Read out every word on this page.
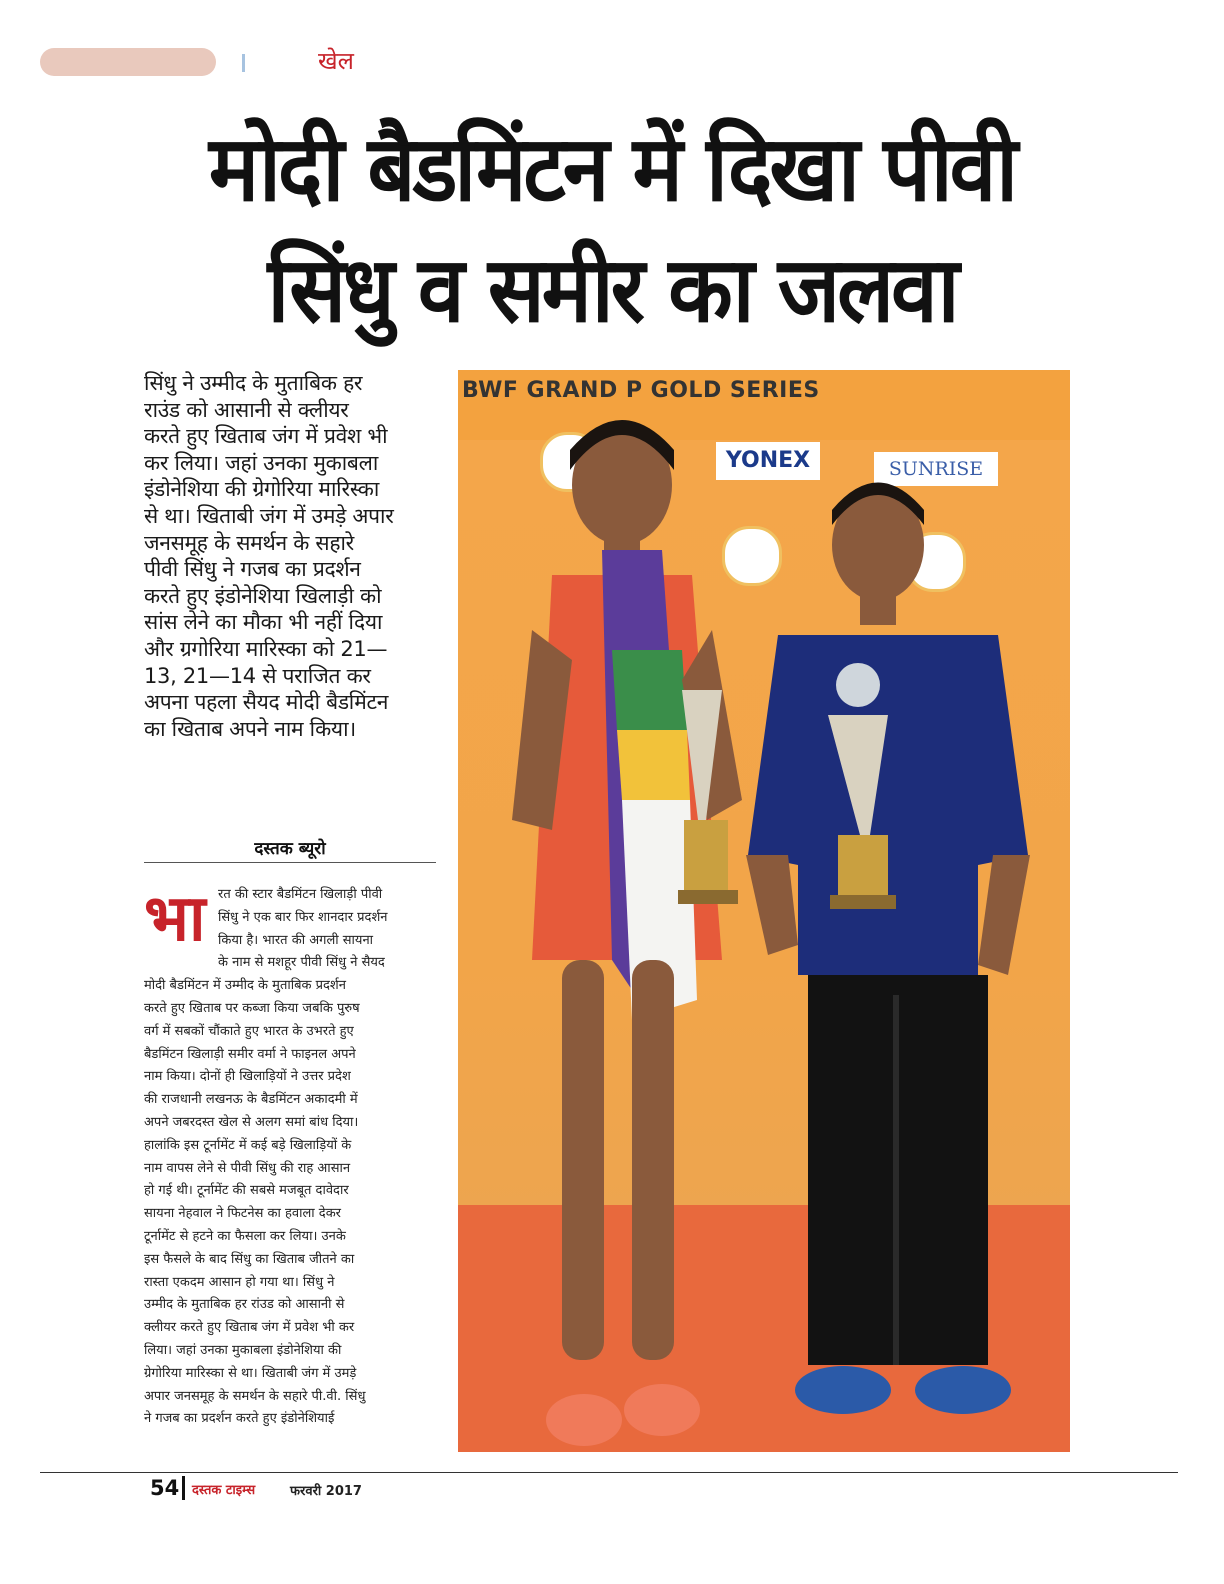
खेल
मोदी बैडमिंटन में दिखा पीवी
सिंधु व समीर का जलवा
सिंधु ने उम्मीद के मुताबिक हर
राउंड को आसानी से क्लीयर
करते हुए खिताब जंग में प्रवेश भी
कर लिया। जहां उनका मुकाबला
इंडोनेशिया की ग्रेगोरिया मारिस्का
से था। खिताबी जंग में उमड़े अपार
जनसमूह के समर्थन के सहारे
पीवी सिंधु ने गजब का प्रदर्शन
करते हुए इंडोनेशिया खिलाड़ी को
सांस लेने का मौका भी नहीं दिया
और ग्रगोरिया मारिस्का को 21—
13, 21—14 से पराजित कर
अपना पहला सैयद मोदी बैडमिंटन
का खिताब अपने नाम किया।
दस्तक ब्यूरो
भा रत की स्टार बैडमिंटन खिलाड़ी पीवी
सिंधु ने एक बार फिर शानदार प्रदर्शन
किया है। भारत की अगली सायना
के नाम से मशहूर पीवी सिंधु ने सैयद
मोदी बैडमिंटन में उम्मीद के मुताबिक प्रदर्शन
करते हुए खिताब पर कब्जा किया जबकि पुरुष
वर्ग में सबकों चौंकाते हुए भारत के उभरते हुए
बैडमिंटन खिलाड़ी समीर वर्मा ने फाइनल अपने
नाम किया। दोनों ही खिलाड़ियों ने उत्तर प्रदेश
की राजधानी लखनऊ के बैडमिंटन अकादमी में
अपने जबरदस्त खेल से अलग समां बांध दिया।
हालांकि इस टूर्नामेंट में कई बड़े खिलाड़ियों के
नाम वापस लेने से पीवी सिंधु की राह आसान
हो गई थी। टूर्नामेंट की सबसे मजबूत दावेदार
सायना नेहवाल ने फिटनेस का हवाला देकर
टूर्नामेंट से हटने का फैसला कर लिया। उनके
इस फैसले के बाद सिंधु का खिताब जीतने का
रास्ता एकदम आसान हो गया था। सिंधु ने
उम्मीद के मुताबिक हर रांउड को आसानी से
क्लीयर करते हुए खिताब जंग में प्रवेश भी कर
लिया। जहां उनका मुकाबला इंडोनेशिया की
ग्रेगोरिया मारिस्का से था। खिताबी जंग में उमड़े
अपार जनसमूह के समर्थन के सहारे पी.वी. सिंधु
ने गजब का प्रदर्शन करते हुए इंडोनेशियाई
BWF GRAND P GOLD SERIES
YONEX	SUNRISE
54 दस्तक टाइम्स	फरवरी 2017
